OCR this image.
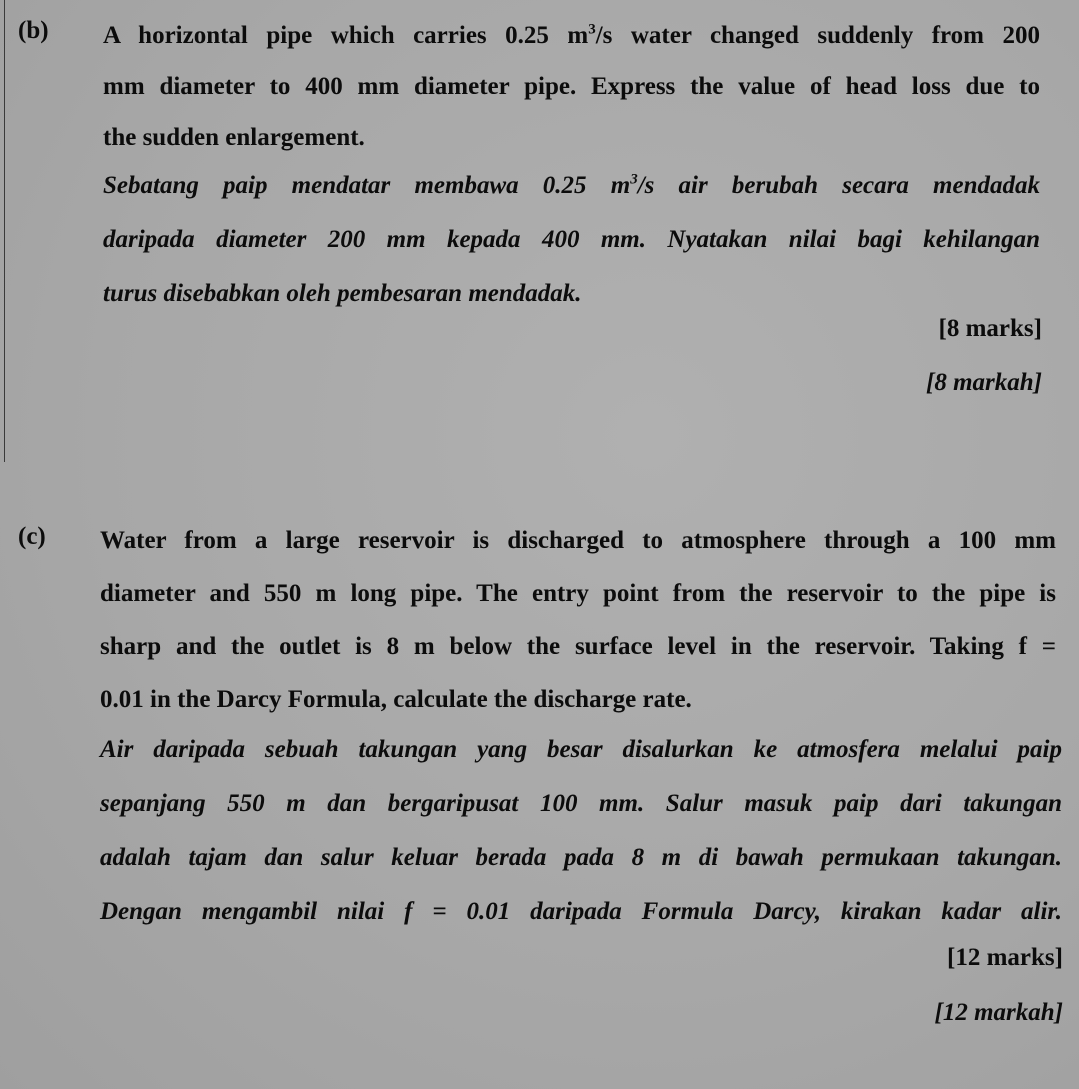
(b) A horizontal pipe which carries 0.25 $m^3/s$ water changed suddenly from 200
mm diameter to 400 mm diameter pipe. Express the value of head loss due to
the sudden enlargement.
Sebatang paip mendatar membawa 0.25 $m^3/s$ air berubah secara mendadak
daripada diameter 200 mm kepada 400 mm. Nyatakan nilai bagi kehilangan
turus disebabkan oleh pembesaran mendadak.
[8 marks]
[8 markah]
(c) Water from a large reservoir is discharged to atmosphere through a 100 mm
diameter and 550 m long pipe. The entry point from the reservoir to the pipe is
sharp and the outlet is 8 m below the surface level in the reservoir. Taking f =
0.01 in the Darcy Formula, calculate the discharge rate.
Air daripada sebuah takungan yang besar disalurkan ke atmosfera melalui paip
sepanjang 550 m dan bergaripusat 100 mm. Salur masuk paip dari takungan
adalah tajam dan salur keluar berada pada 8 m di bawah permukaan takungan.
Dengan mengambil nilai f = 0.01 daripada Formula Darcy, kirakan kadar alir.
[12 marks]
[12 markah]
